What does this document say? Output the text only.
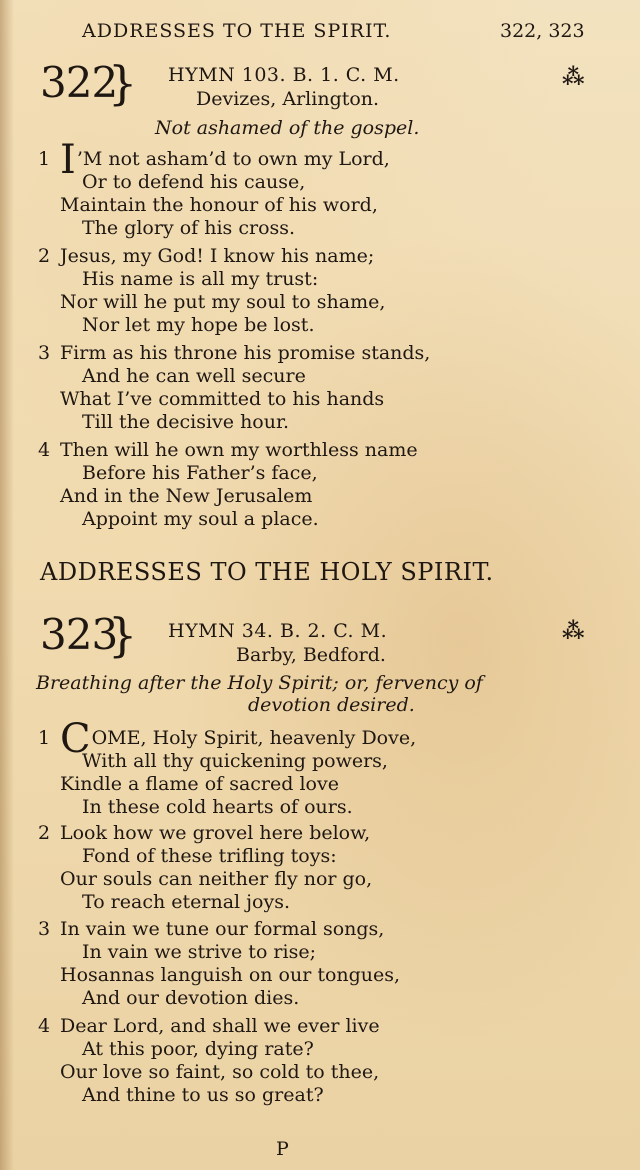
ADDRESSES TO THE SPIRIT.	322, 323
322
} HYMN 103. B. 1. C. M.
Devizes, Arlington.
⁂
Not ashamed of the gospel.
1 I’M not asham’d to own my Lord,
Or to defend his cause,
Maintain the honour of his word,
The glory of his cross.
2 Jesus, my God! I know his name;
His name is all my trust:
Nor will he put my soul to shame,
Nor let my hope be lost.
3 Firm as his throne his promise stands,
And he can well secure
What I’ve committed to his hands
Till the decisive hour.
4 Then will he own my worthless name
Before his Father’s face,
And in the New Jerusalem
Appoint my soul a place.
ADDRESSES TO THE HOLY SPIRIT.
323
} HYMN 34. B. 2. C. M.
Barby, Bedford.
⁂
Breathing after the Holy Spirit; or, fervency of
devotion desired.
1 COME, Holy Spirit, heavenly Dove,
With all thy quickening powers,
Kindle a flame of sacred love
In these cold hearts of ours.
2 Look how we grovel here below,
Fond of these trifling toys:
Our souls can neither fly nor go,
To reach eternal joys.
3 In vain we tune our formal songs,
In vain we strive to rise;
Hosannas languish on our tongues,
And our devotion dies.
4 Dear Lord, and shall we ever live
At this poor, dying rate?
Our love so faint, so cold to thee,
And thine to us so great?
P
